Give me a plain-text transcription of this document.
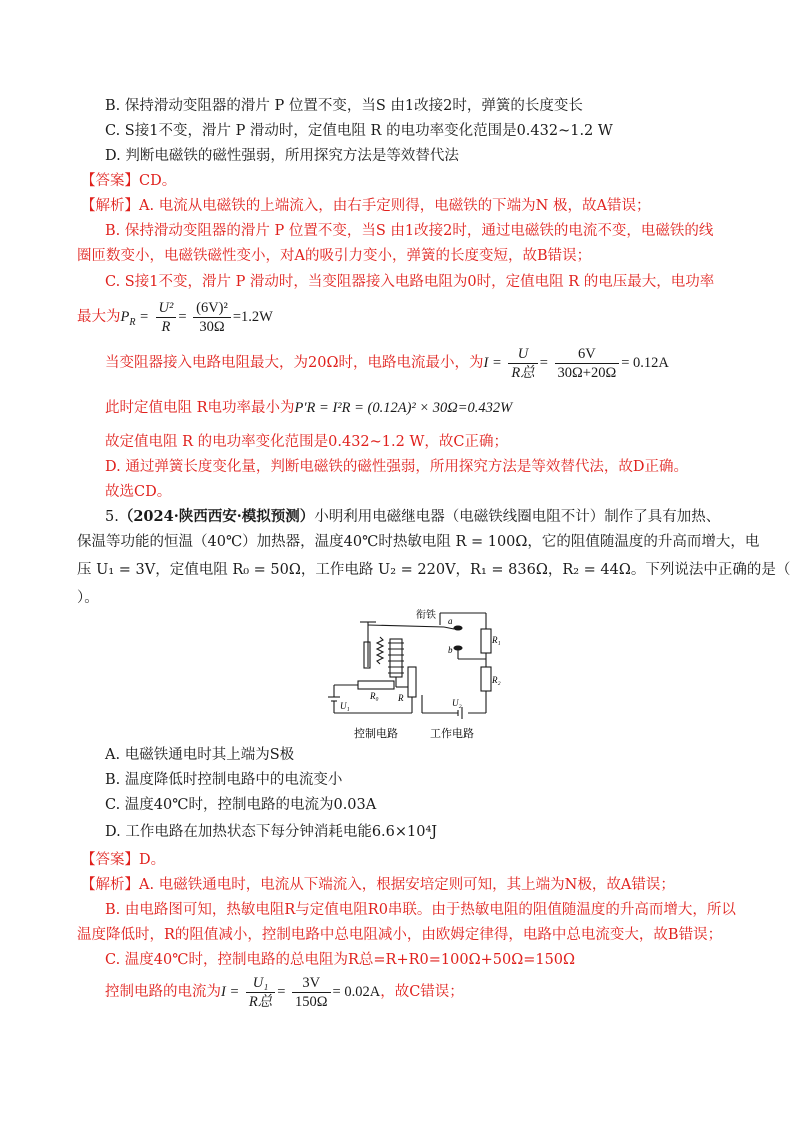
B. 保持滑动变阻器的滑片 P 位置不变，当S 由1改接2时，弹簧的长度变长
C. S接1不变，滑片 P 滑动时，定值电阻 R 的电功率变化范围是0.432~1.2 W
D. 判断电磁铁的磁性强弱，所用探究方法是等效替代法
【答案】CD。
【解析】A. 电流从电磁铁的上端流入，由右手定则得，电磁铁的下端为N 极，故A错误；
B. 保持滑动变阻器的滑片 P 位置不变，当S 由1改接2时，通过电磁铁的电流不变，电磁铁的线
圈匝数变小，电磁铁磁性变小，对A的吸引力变小，弹簧的长度变短，故B错误；
C. S接1不变，滑片 P 滑动时，当变阻器接入电路电阻为0时，定值电阻 R 的电压最大，电功率
最大为$P_R = \frac{\text{U²}}{R} = \frac{\text{(6V)²}}{30\Omega} =1.2W$
当变阻器接入电路电阻最大，为20Ω时，电路电流最小，为$I = \frac{U}{\text{R总}} = \frac{6V}{30\Omega+20\Omega} = 0.12A$
此时定值电阻 R电功率最小为P′R = I²R = (0.12A)² × 30Ω=0.432W
故定值电阻 R 的电功率变化范围是0.432~1.2 W，故C正确；
D. 通过弹簧长度变化量，判断电磁铁的磁性强弱，所用探究方法是等效替代法，故D正确。
故选CD。
5.（2024·陕西西安·模拟预测）小明利用电磁继电器（电磁铁线圈电阻不计）制作了具有加热、
保温等功能的恒温（40℃）加热器，温度40℃时热敏电阻 R = 100Ω，它的阻值随温度的升高而增大，电
压 U₁ = 3V，定值电阻 R₀ = 50Ω，工作电路 U₂ = 220V，R₁ = 836Ω，R₂ = 44Ω。下列说法中正确的是（
）。
衔铁 a
b
R₁
R₂
R₀ R
U₁	U₂
控制电路	工作电路
A. 电磁铁通电时其上端为S极
B. 温度降低时控制电路中的电流变小
C. 温度40℃时，控制电路的电流为0.03A
D. 工作电路在加热状态下每分钟消耗电能6.6×10⁴J
【答案】D。
【解析】A. 电磁铁通电时，电流从下端流入，根据安培定则可知，其上端为N极，故A错误；
B. 由电路图可知，热敏电阻R与定值电阻R0串联。由于热敏电阻的阻值随温度的升高而增大，所以
温度降低时，R的阻值减小，控制电路中总电阻减小，由欧姆定律得，电路中总电流变大，故B错误；
C. 温度40℃时，控制电路的总电阻为R总=R+R0=100Ω+50Ω=150Ω
控制电路的电流为$I = \frac{\text{U₁}}{\text{R总}} = \frac{3V}{150\Omega} = 0.02A$，故C错误；
